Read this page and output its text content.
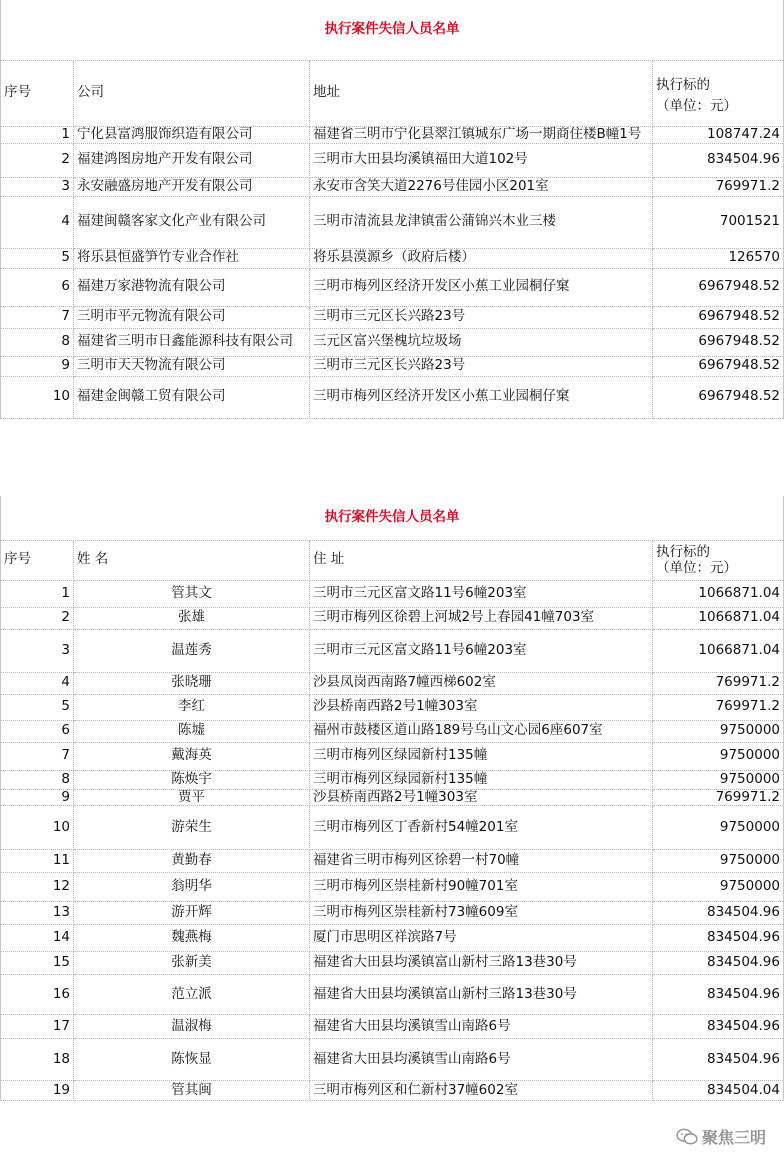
执行案件失信人员名单			
序号	公司	地址	执行标的
（单位：元）
1	宁化县富鸿服饰织造有限公司	福建省三明市宁化县翠江镇城东广场一期商住楼B幢1号	108747.24
2	福建鸿图房地产开发有限公司	三明市大田县均溪镇福田大道102号	834504.96
3	永安融盛房地产开发有限公司	永安市含笑大道2276号佳园小区201室	769971.2
4	福建闽赣客家文化产业有限公司	三明市清流县龙津镇雷公蒲锦兴木业三楼	7001521
5	将乐县恒盛笋竹专业合作社	将乐县漠源乡（政府后楼）	126570
6	福建万家港物流有限公司	三明市梅列区经济开发区小蕉工业园桐仔窠	6967948.52
7	三明市平元物流有限公司	三明市三元区长兴路23号	6967948.52
8	福建省三明市日鑫能源科技有限公司	三元区富兴堡槐坑垃圾场	6967948.52
9	三明市天天物流有限公司	三明市三元区长兴路23号	6967948.52
10	福建金闽赣工贸有限公司	三明市梅列区经济开发区小蕉工业园桐仔窠	6967948.52
执行案件失信人员名单			
序号	姓 名	住 址	执行标的
（单位：元）
1	管其文	三明市三元区富文路11号6幢203室	1066871.04
2	张雄	三明市梅列区徐碧上河城2号上春园41幢703室	1066871.04
3	温莲秀	三明市三元区富文路11号6幢203室	1066871.04
4	张晓珊	沙县凤岗西南路7幢西梯602室	769971.2
5	李红	沙县桥南西路2号1幢303室	769971.2
6	陈墟	福州市鼓楼区道山路189号乌山文心园6座607室	9750000
7	戴海英	三明市梅列区绿园新村135幢	9750000
8	陈焕宇	三明市梅列区绿园新村135幢	9750000
9	贾平	沙县桥南西路2号1幢303室	769971.2
10	游荣生	三明市梅列区丁香新村54幢201室	9750000
11	黄勤春	福建省三明市梅列区徐碧一村70幢	9750000
12	翁明华	三明市梅列区崇桂新村90幢701室	9750000
13	游开辉	三明市梅列区崇桂新村73幢609室	834504.96
14	魏燕梅	厦门市思明区祥滨路7号	834504.96
15	张新美	福建省大田县均溪镇富山新村三路13巷30号	834504.96
16	范立派	福建省大田县均溪镇富山新村三路13巷30号	834504.96
17	温淑梅	福建省大田县均溪镇雪山南路6号	834504.96
18	陈恢显	福建省大田县均溪镇雪山南路6号	834504.96
19	管其闽	三明市梅列区和仁新村37幢602室	834504.04
聚焦三明
